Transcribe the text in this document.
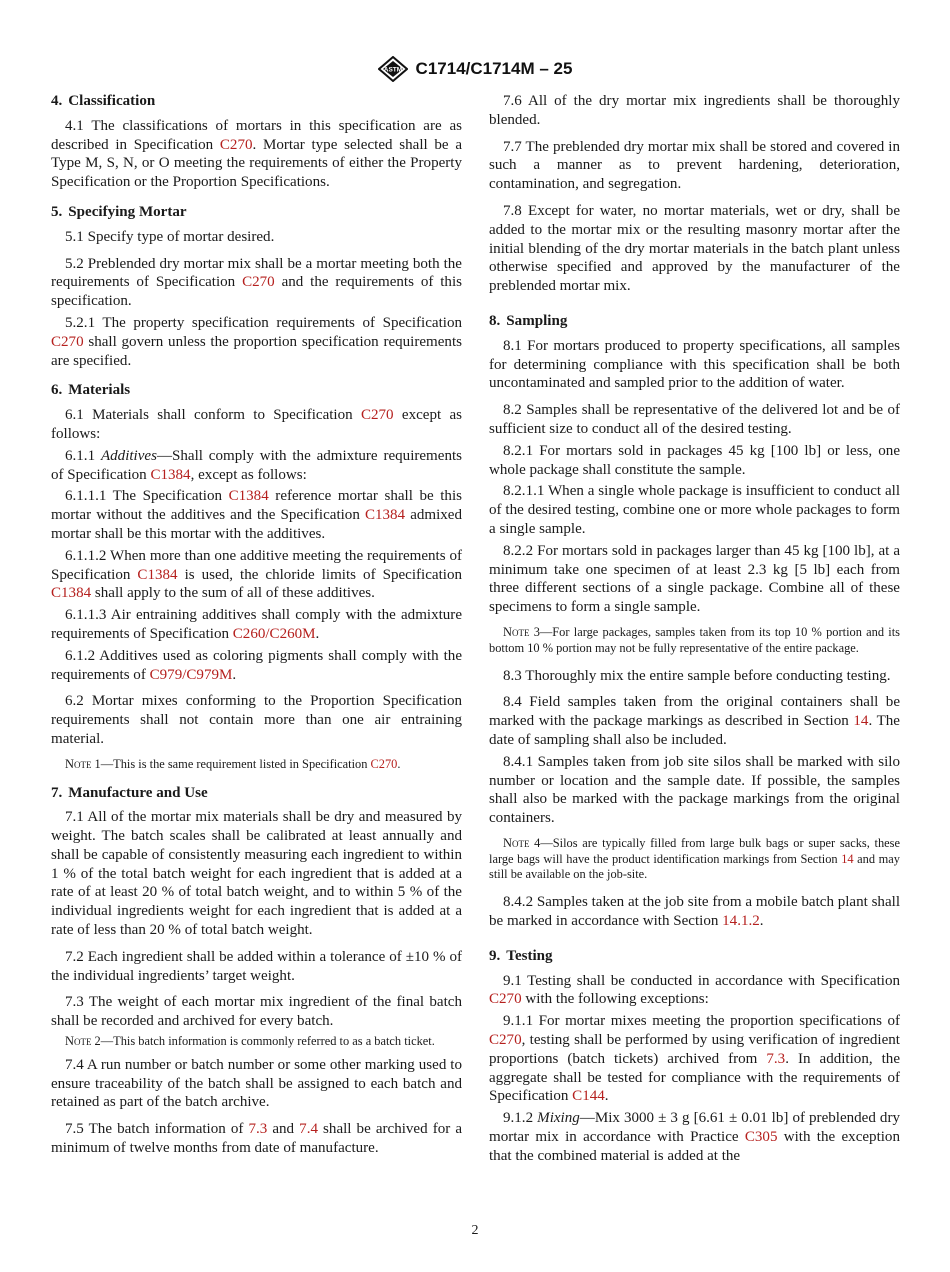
ASTM C1714/C1714M – 25
4. Classification

4.1 The classifications of mortars in this specification are as described in Specification C270. Mortar type selected shall be a Type M, S, N, or O meeting the requirements of either the Property Specification or the Proportion Specifications.

5. Specifying Mortar

5.1 Specify type of mortar desired.

5.2 Preblended dry mortar mix shall be a mortar meeting both the requirements of Specification C270 and the requirements of this specification.

5.2.1 The property specification requirements of Specification C270 shall govern unless the proportion specification requirements are specified.

6. Materials

6.1 Materials shall conform to Specification C270 except as follows:

6.1.1 Additives—Shall comply with the admixture requirements of Specification C1384, except as follows:

6.1.1.1 The Specification C1384 reference mortar shall be this mortar without the additives and the Specification C1384 admixed mortar shall be this mortar with the additives.

6.1.1.2 When more than one additive meeting the requirements of Specification C1384 is used, the chloride limits of Specification C1384 shall apply to the sum of all of these additives.

6.1.1.3 Air entraining additives shall comply with the admixture requirements of Specification C260/C260M.

6.1.2 Additives used as coloring pigments shall comply with the requirements of C979/C979M.

6.2 Mortar mixes conforming to the Proportion Specification requirements shall not contain more than one air entraining material.

Note 1—This is the same requirement listed in Specification C270.
7. Manufacture and Use

7.1 All of the mortar mix materials shall be dry and measured by weight. The batch scales shall be calibrated at least annually and shall be capable of consistently measuring each ingredient to within 1 % of the total batch weight for each ingredient that is added at a rate of at least 20 % of total batch weight, and to within 5 % of the individual ingredients weight for each ingredient that is added at a rate of less than 20 % of total batch weight.

7.2 Each ingredient shall be added within a tolerance of ±10 % of the individual ingredients’ target weight.

7.3 The weight of each mortar mix ingredient of the final batch shall be recorded and archived for every batch.

Note 2—This batch information is commonly referred to as a batch ticket.

7.4 A run number or batch number or some other marking used to ensure traceability of the batch shall be assigned to each batch and retained as part of the batch archive.

7.5 The batch information of 7.3 and 7.4 shall be archived for a minimum of twelve months from date of manufacture.

7.6 All of the dry mortar mix ingredients shall be thoroughly blended.

7.7 The preblended dry mortar mix shall be stored and covered in such a manner as to prevent hardening, deterioration, contamination, and segregation.

7.8 Except for water, no mortar materials, wet or dry, shall be added to the mortar mix or the resulting masonry mortar after the initial blending of the dry mortar materials in the batch plant unless otherwise specified and approved by the manufacturer of the preblended mortar mix.

8. Sampling

8.1 For mortars produced to property specifications, all samples for determining compliance with this specification shall be both uncontaminated and sampled prior to the addition of water.

8.2 Samples shall be representative of the delivered lot and be of sufficient size to conduct all of the desired testing.

8.2.1 For mortars sold in packages 45 kg [100 lb] or less, one whole package shall constitute the sample.

8.2.1.1 When a single whole package is insufficient to conduct all of the desired testing, combine one or more whole packages to form a single sample.

8.2.2 For mortars sold in packages larger than 45 kg [100 lb], at a minimum take one specimen of at least 2.3 kg [5 lb] each from three different sections of a single package. Combine all of these specimens to form a single sample.

Note 3—For large packages, samples taken from its top 10 % portion and its bottom 10 % portion may not be fully representative of the entire package.

8.3 Thoroughly mix the entire sample before conducting testing.

8.4 Field samples taken from the original containers shall be marked with the package markings as described in Section 14. The date of sampling shall also be included.

8.4.1 Samples taken from job site silos shall be marked with silo number or location and the sample date. If possible, the samples shall also be marked with the package markings from the original containers.

Note 4—Silos are typically filled from large bulk bags or super sacks, these large bags will have the product identification markings from Section 14 and may still be available on the job-site.

8.4.2 Samples taken at the job site from a mobile batch plant shall be marked in accordance with Section 14.1.2.

9. Testing

9.1 Testing shall be conducted in accordance with Specification C270 with the following exceptions:

9.1.1 For mortar mixes meeting the proportion specifications of C270, testing shall be performed by using verification of ingredient proportions (batch tickets) archived from 7.3. In addition, the aggregate shall be tested for compliance with the requirements of Specification C144.

9.1.2 Mixing—Mix 3000 ± 3 g [6.61 ± 0.01 lb] of preblended dry mortar mix in accordance with Practice C305 with the exception that the combined material is added at the

2
